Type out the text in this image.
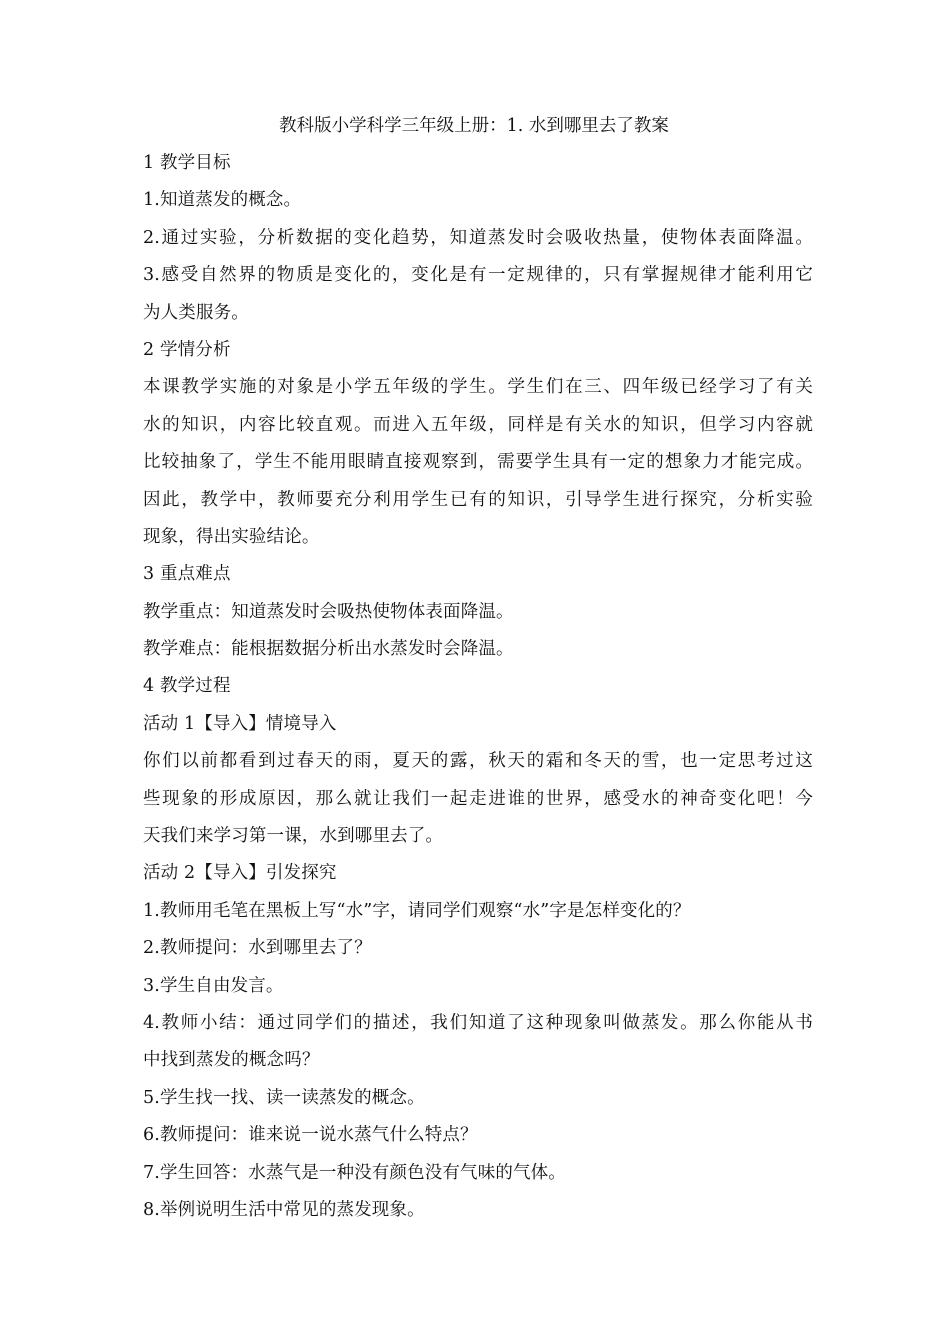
教科版小学科学三年级上册：1. 水到哪里去了教案
1 教学目标
1.知道蒸发的概念。
2.通过实验，分析数据的变化趋势，知道蒸发时会吸收热量，使物体表面降温。
3.感受自然界的物质是变化的，变化是有一定规律的，只有掌握规律才能利用它
为人类服务。
2 学情分析
本课教学实施的对象是小学五年级的学生。学生们在三、四年级已经学习了有关
水的知识，内容比较直观。而进入五年级，同样是有关水的知识，但学习内容就
比较抽象了，学生不能用眼睛直接观察到，需要学生具有一定的想象力才能完成。
因此，教学中，教师要充分利用学生已有的知识，引导学生进行探究，分析实验
现象，得出实验结论。
3 重点难点
教学重点：知道蒸发时会吸热使物体表面降温。
教学难点：能根据数据分析出水蒸发时会降温。
4 教学过程
活动 1【导入】情境导入
你们以前都看到过春天的雨，夏天的露，秋天的霜和冬天的雪，也一定思考过这
些现象的形成原因，那么就让我们一起走进谁的世界，感受水的神奇变化吧！今
天我们来学习第一课，水到哪里去了。
活动 2【导入】引发探究
1.教师用毛笔在黑板上写“水”字，请同学们观察“水”字是怎样变化的？
2.教师提问：水到哪里去了？
3.学生自由发言。
4.教师小结：通过同学们的描述，我们知道了这种现象叫做蒸发。那么你能从书
中找到蒸发的概念吗？
5.学生找一找、读一读蒸发的概念。
6.教师提问：谁来说一说水蒸气什么特点？
7.学生回答：水蒸气是一种没有颜色没有气味的气体。
8.举例说明生活中常见的蒸发现象。
